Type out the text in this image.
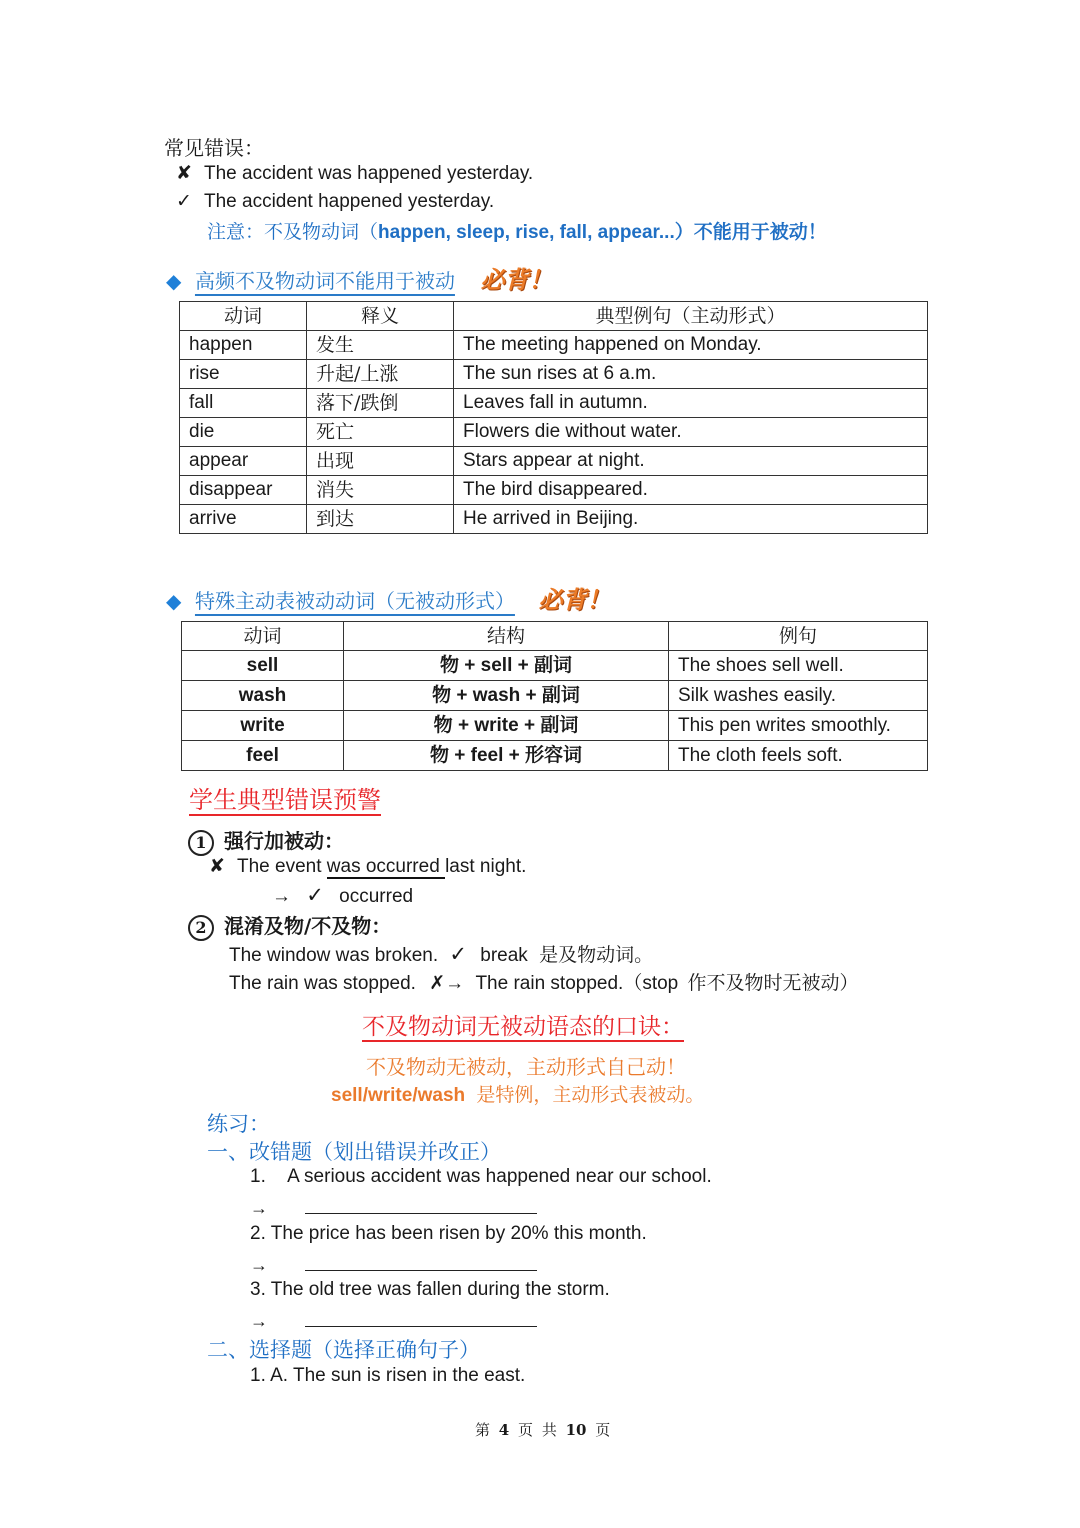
常见错误：
✘ The accident was happened yesterday.
✓ The accident happened yesterday.
注意：不及物动词（happen, sleep, rise, fall, appear...）不能用于被动！
◆ 高频不及物动词不能用于被动 必背！
动词	释义	典型例句（主动形式）
happen	发生	The meeting happened on Monday.
rise	升起/上涨	The sun rises at 6 a.m.
fall	落下/跌倒	Leaves fall in autumn.
die	死亡	Flowers die without water.
appear	出现	Stars appear at night.
disappear	消失	The bird disappeared.
arrive	到达	He arrived in Beijing.
◆ 特殊主动表被动动词（无被动形式） 必背！
动词	结构	例句
sell	物 + sell + 副词	The shoes sell well.
wash	物 + wash + 副词	Silk washes easily.
write	物 + write + 副词	This pen writes smoothly.
feel	物 + feel + 形容词	The cloth feels soft.
学生典型错误预警
1 强行加被动：
✘ The event was occurred last night.
→ ✓ occurred
2 混淆及物/不及物：
The window was broken. ✓ break 是及物动词。
The rain was stopped. ✗→ The rain stopped.（stop 作不及物时无被动）
不及物动词无被动语态的口诀：
不及物动无被动，主动形式自己动！
sell/write/wash 是特例，主动形式表被动。
练习：
一、改错题（划出错误并改正）
1. A serious accident was happened near our school.
→
2. The price has been risen by 20% this month.
→
3. The old tree was fallen during the storm.
→
二、选择题（选择正确句子）
1. A. The sun is risen in the east.
第 4 页 共 10 页
